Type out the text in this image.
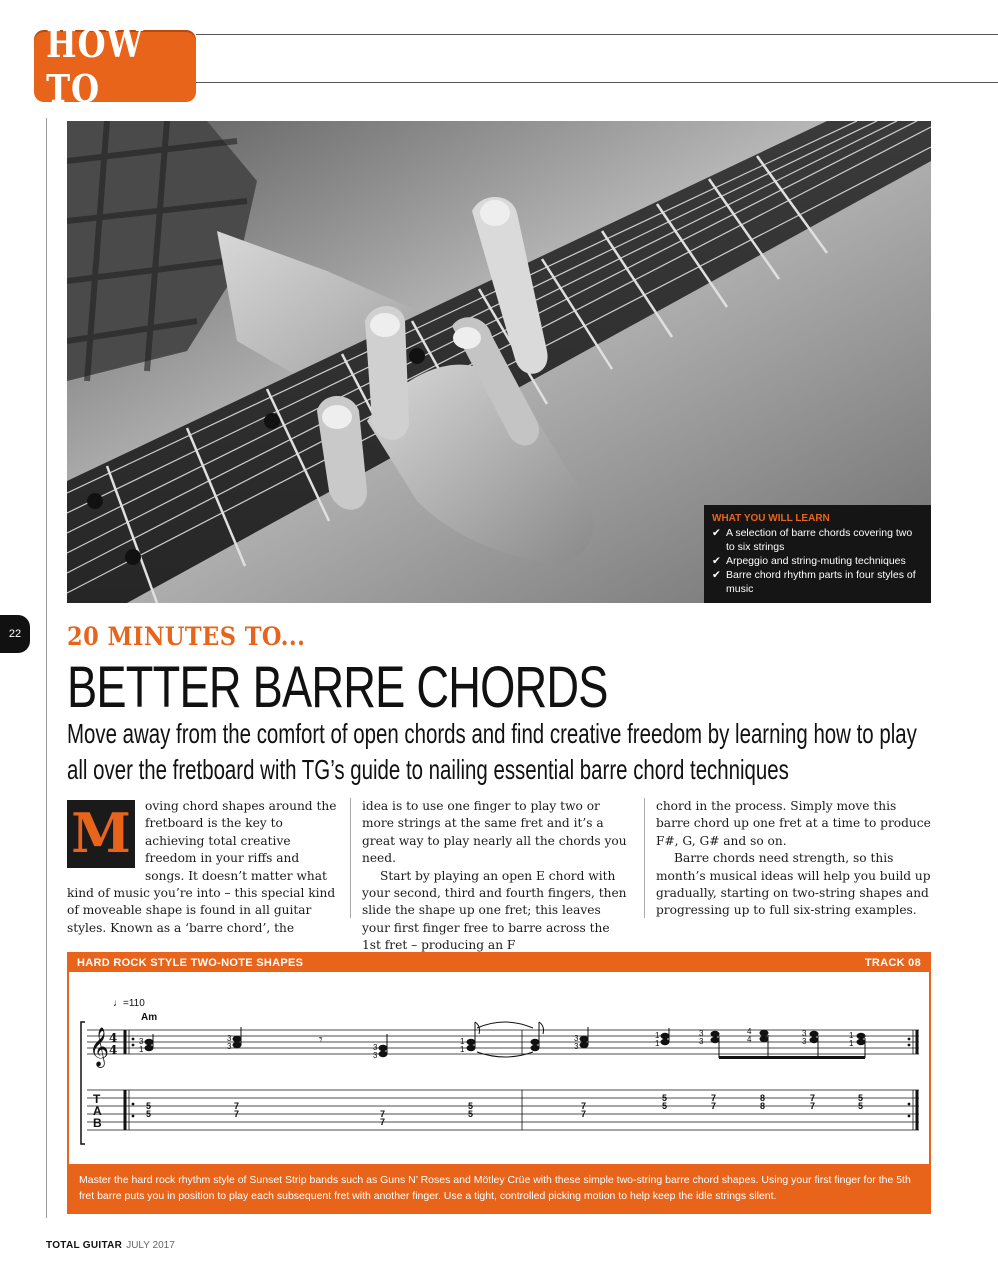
HOW TO
22
WHAT YOU WILL LEARN
✔ A selection of barre chords covering two to six strings
✔ Arpeggio and string-muting techniques
✔ Barre chord rhythm parts in four styles of music
20 MINUTES TO...
BETTER BARRE CHORDS
Move away from the comfort of open chords and find creative freedom by learning how to play all over the fretboard with TG’s guide to nailing essential barre chord techniques
M	oving chord shapes around the fretboard is the key to achieving total creative freedom in your riffs and songs. It doesn’t matter what kind of music you’re into – this special kind of moveable shape is found in all guitar styles. Known as a ‘barre chord’, the

idea is to use one finger to play two or more strings at the same fret and it’s a great way to play nearly all the chords you need.

Start by playing an open E chord with your second, third and fourth fingers, then slide the shape up one fret; this leaves your first finger free to barre across the 1st fret – producing an F

chord in the process. Simply move this barre chord up one fret at a time to produce F#, G, G# and so on.

Barre chords need strength, so this month’s musical ideas will help you build up gradually, starting on two-string shapes and progressing up to full six-string examples.

HARD ROCK STYLE TWO-NOTE SHAPES	TRACK 08
♩=110
Am
𝄞 4
4
𝄾
3
1
3
3	3
3
1
1
3
3
1
1
3
3
4
4
3
3
1
1
T
A
B
5
5
7
7	7
7
5
5
7
7
5
5
7
7
8
8
7
7
5
5
Master the hard rock rhythm style of Sunset Strip bands such as Guns N’ Roses and Mötley Crüe with these simple two-string barre chord shapes. Using your first finger for the 5th fret barre puts you in position to play each subsequent fret with another finger. Use a tight, controlled picking motion to help keep the idle strings silent.
TOTAL GUITAR JULY 2017
